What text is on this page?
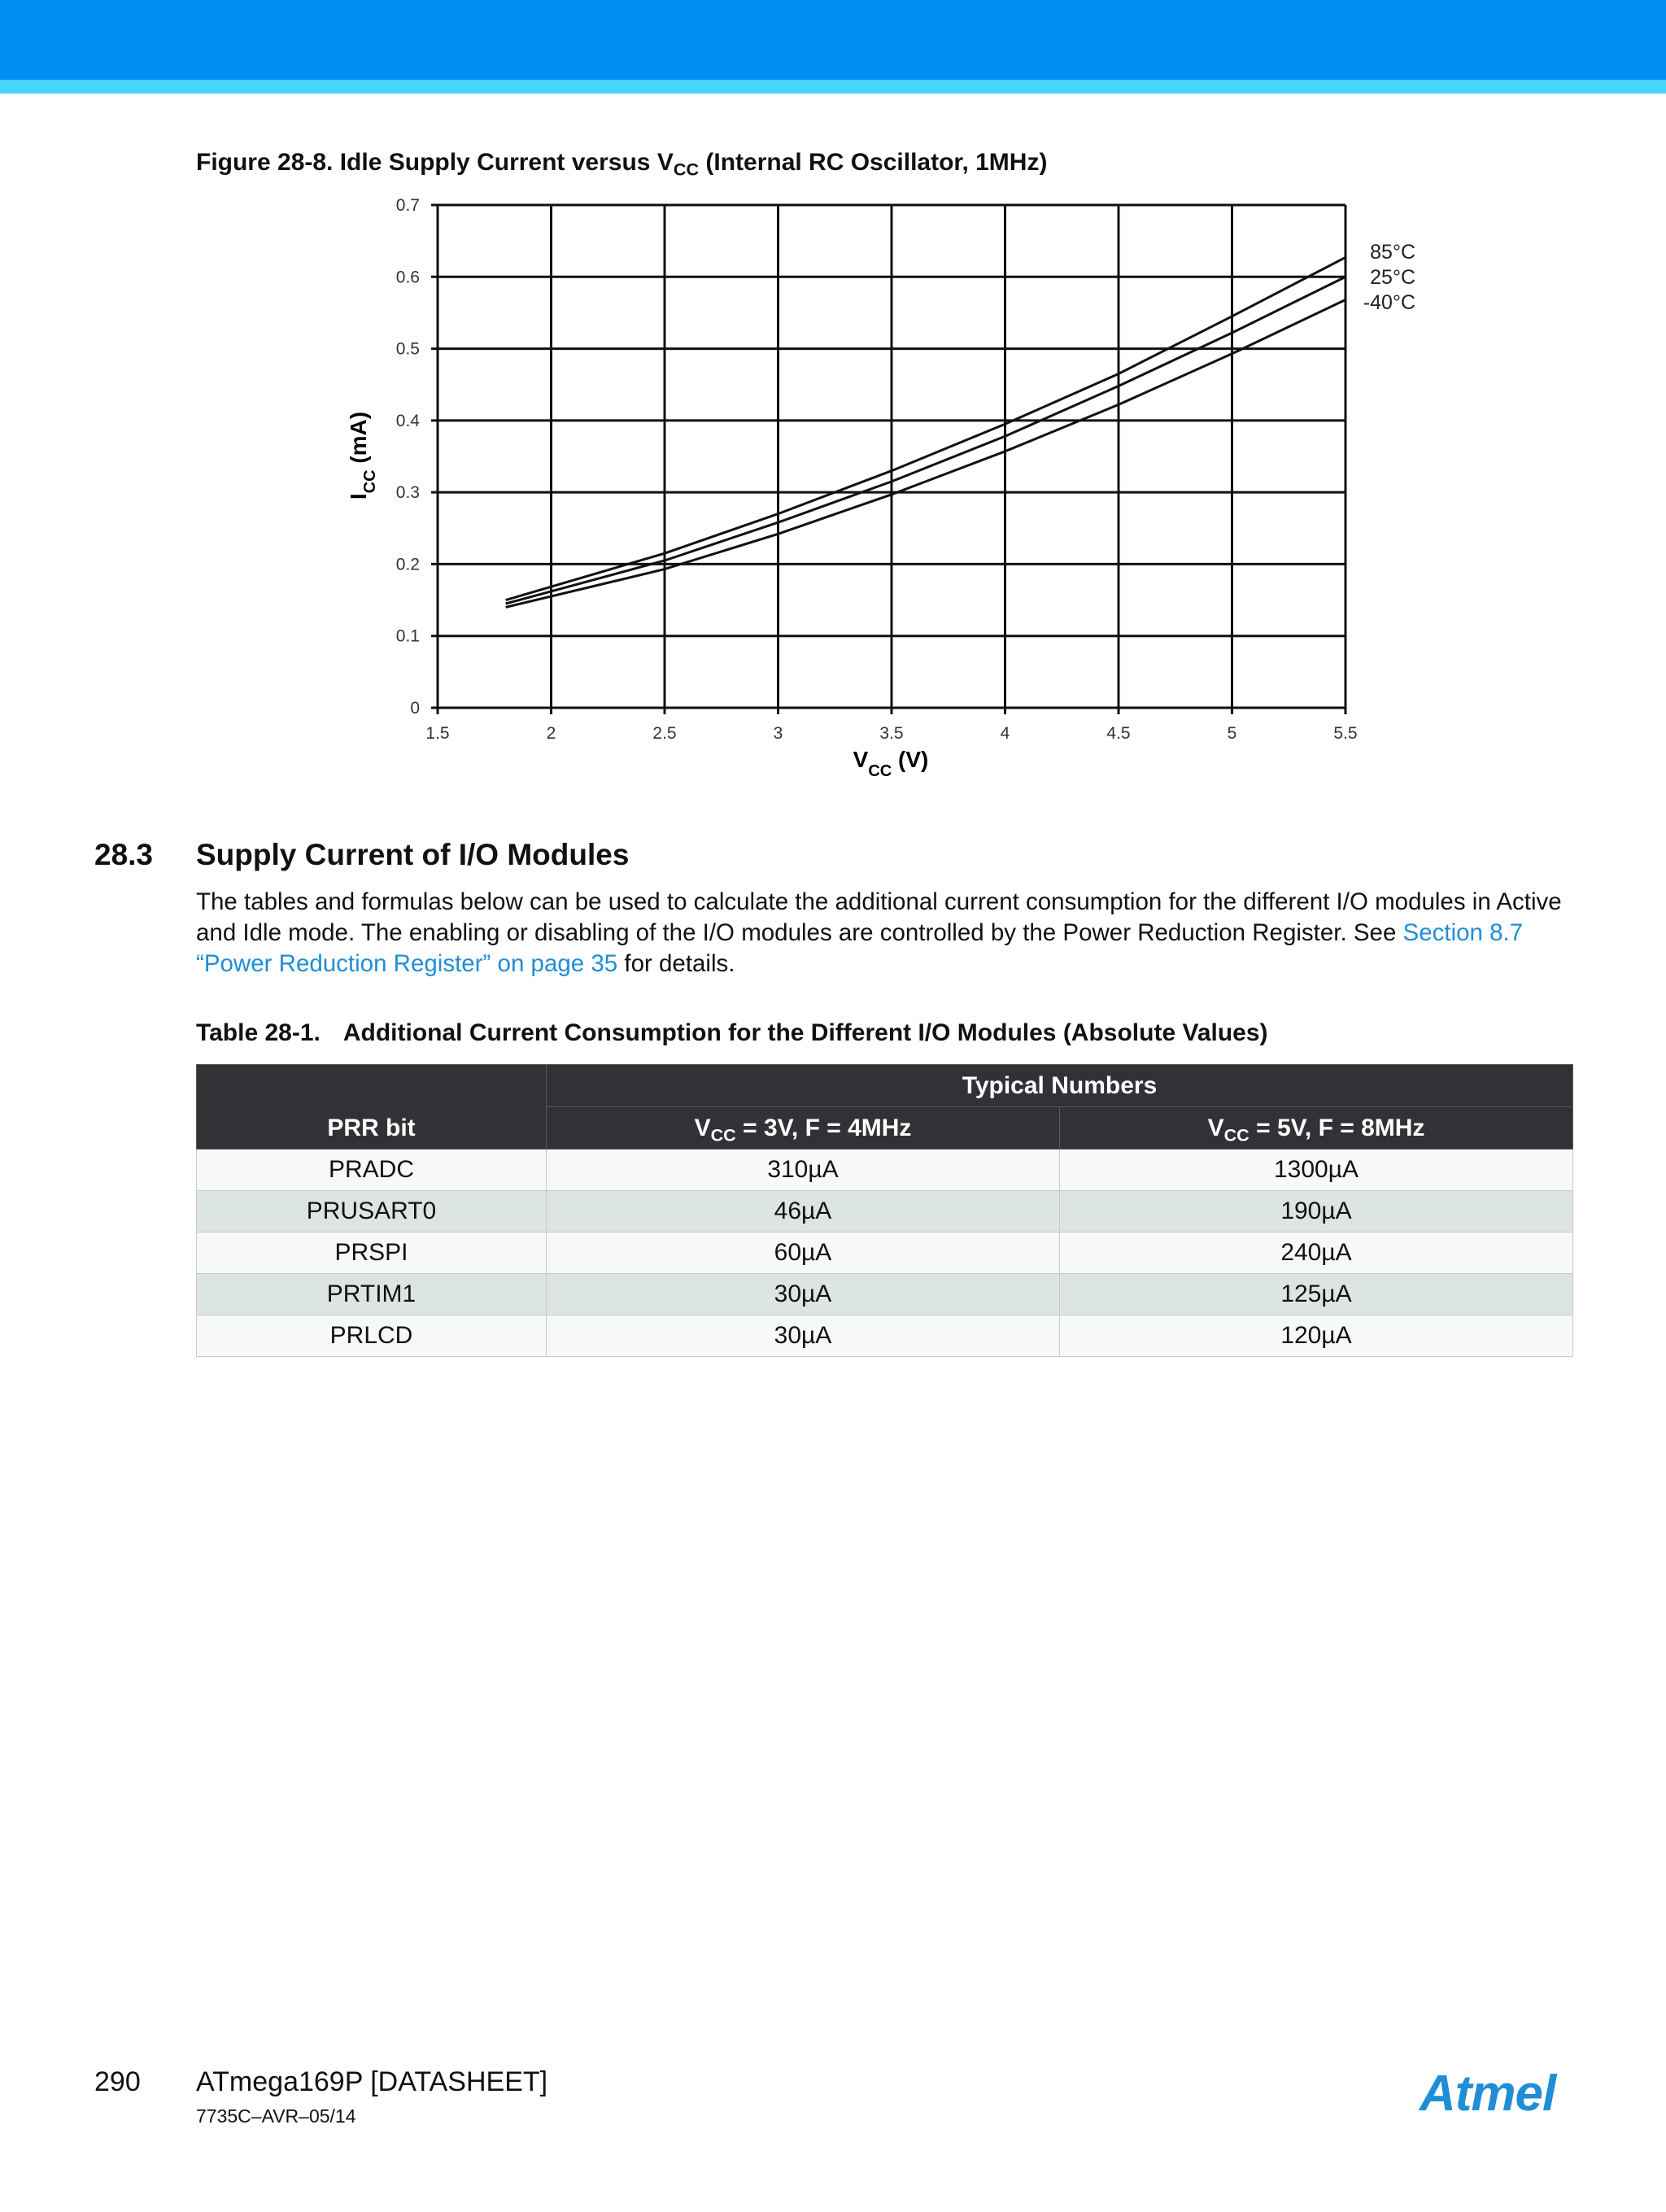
Figure 28-8. Idle Supply Current versus $V_{CC}$ (Internal RC Oscillator, 1MHz)
0
0.1
0.2
0.3
0.4
0.5
0.6
0.7
1.5	2	2.5	3	3.5	4	4.5	5	5.5
85°C
25°C
-40°C
$V_{CC}$ (V)
$I_{CC}$ (mA)
28.3 Supply Current of I/O Modules
The tables and formulas below can be used to calculate the additional current consumption for the different I/O modules in Active and Idle mode. The enabling or disabling of the I/O modules are controlled by the Power Reduction Register. See Section 8.7 “Power Reduction Register” on page 35 for details.
Table 28-1. Additional Current Consumption for the Different I/O Modules (Absolute Values)
PRR bit	Typical Numbers	
	$V_{CC} = 3V$, F = 4MHz	$V_{CC} = 5V$, F = 8MHz
PRADC	310µA	1300µA
PRUSART0	46µA	190µA
PRSPI	60µA	240µA
PRTIM1	30µA	125µA
PRLCD	30µA	120µA
290 ATmega169P [DATASHEET]
7735C–AVR–05/14	Atmel
